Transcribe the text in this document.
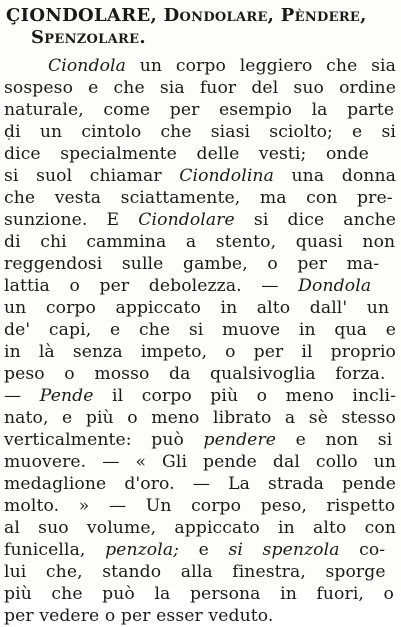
ÇIONDOLARE, Dondolare, Pèndere,
Spenzolare.
Ciondola un corpo leggiero che sia
sospeso e che sia fuor del suo ordine
naturale, come per esempio la parte
di un cintolo che siasi sciolto; e si
dice specialmente delle vesti; onde
si suol chiamar Ciondolina una donna
che vesta sciattamente, ma con pre-
sunzione. E Ciondolare si dice anche
di chi cammina a stento, quasi non
reggendosi sulle gambe, o per ma-
lattia o per debolezza. — Dondola
un corpo appiccato in alto dall' un
de' capi, e che si muove in qua e
in là senza impeto, o per il proprio
peso o mosso da qualsivoglia forza.
— Pende il corpo più o meno incli-
nato, e più o meno librato a sè stesso
verticalmente: può pendere e non si
muovere. — « Gli pende dal collo un
medaglione d'oro. — La strada pende
molto. » — Un corpo peso, rispetto
al suo volume, appiccato in alto con
funicella, penzola; e si spenzola co-
lui che, stando alla finestra, sporge
più che può la persona in fuori, o
per vedere o per esser veduto.
